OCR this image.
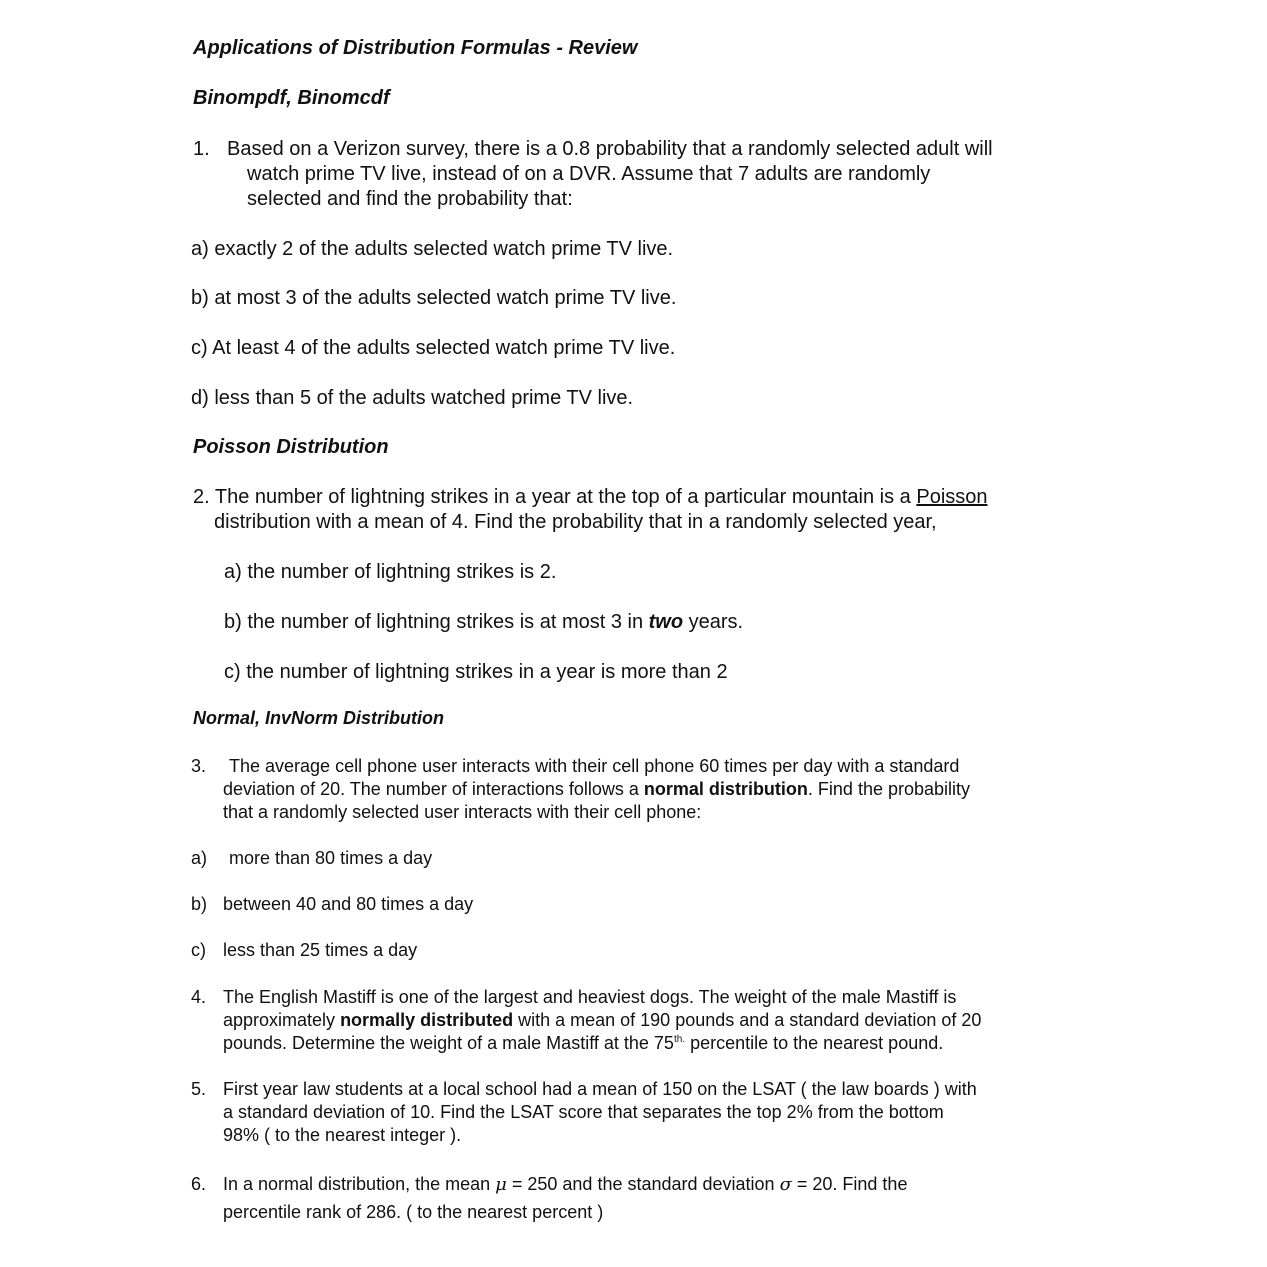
Applications of Distribution Formulas - Review
Binompdf, Binomcdf
1. Based on a Verizon survey, there is a 0.8 probability that a randomly selected adult will
watch prime TV live, instead of on a DVR. Assume that 7 adults are randomly
selected and find the probability that:
a) exactly 2 of the adults selected watch prime TV live.
b) at most 3 of the adults selected watch prime TV live.
c) At least 4 of the adults selected watch prime TV live.
d) less than 5 of the adults watched prime TV live.
Poisson Distribution
2. The number of lightning strikes in a year at the top of a particular mountain is a Poisson
distribution with a mean of 4. Find the probability that in a randomly selected year,
a) the number of lightning strikes is 2.
b) the number of lightning strikes is at most 3 in two years.
c) the number of lightning strikes in a year is more than 2
Normal, InvNorm Distribution
3. The average cell phone user interacts with their cell phone 60 times per day with a standard
deviation of 20. The number of interactions follows a normal distribution. Find the probability
that a randomly selected user interacts with their cell phone:
a) more than 80 times a day
b) between 40 and 80 times a day
c) less than 25 times a day
4. The English Mastiff is one of the largest and heaviest dogs. The weight of the male Mastiff is
approximately normally distributed with a mean of 190 pounds and a standard deviation of 20
pounds. Determine the weight of a male Mastiff at the $75^{th.}$ percentile to the nearest pound.
5. First year law students at a local school had a mean of 150 on the LSAT ( the law boards ) with
a standard deviation of 10. Find the LSAT score that separates the top 2% from the bottom
98% ( to the nearest integer ).
6. In a normal distribution, the mean μ = 250 and the standard deviation σ = 20. Find the
percentile rank of 286. ( to the nearest percent )
